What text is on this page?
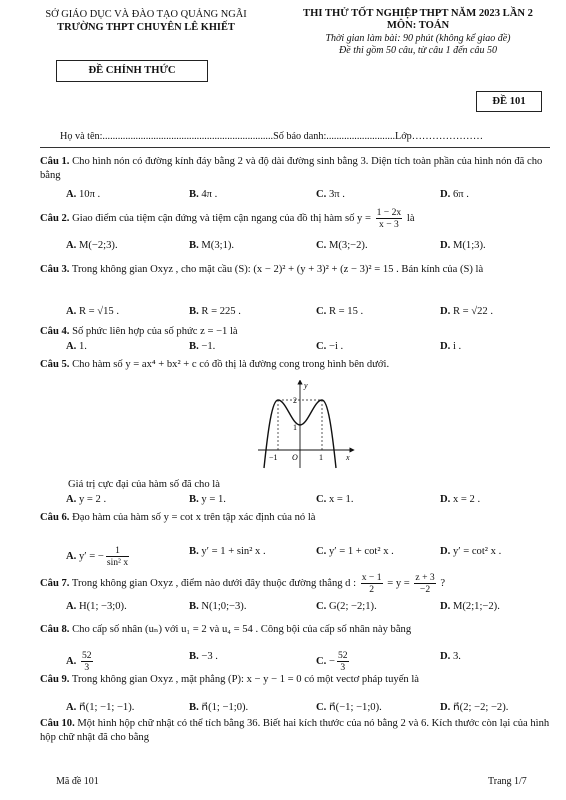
SỞ GIÁO DỤC VÀ ĐÀO TẠO QUẢNG NGÃI
TRƯỜNG THPT CHUYÊN LÊ KHIẾT
ĐỀ CHÍNH THỨC
THI THỬ TỐT NGHIỆP THPT NĂM 2023 LẦN 2
MÔN: TOÁN
Thời gian làm bài: 90 phút (không kể giao đề)
Đề thi gồm 50 câu, từ câu 1 đến câu 50
ĐỀ 101
Họ và tên:...................................................................Số báo danh:...........................Lớp…………………
Câu 1. Cho hình nón có đường kính đáy bằng 2 và độ dài đường sinh bằng 3. Diện tích toàn phần của hình nón đã cho bằng
A. 10π .	B. 4π .	C. 3π .	D. 6π .
Câu 2. Giao điểm của tiệm cận đứng và tiệm cận ngang của đồ thị hàm số $y = \frac{1 - 2x}{x - 3}$ là
A. M(−2;3).	B. M(3;1).	C. M(3;−2).	D. M(1;3).
Câu 3. Trong không gian Oxyz , cho mặt cầu (S): (x − 2)² + (y + 3)² + (z − 3)² = 15 . Bán kính của (S) là
A. R = √15 .	B. R = 225 .	C. R = 15 .	D. R = √22 .
Câu 4. Số phức liên hợp của số phức z = −1 là
A. 1.	B. −1.	C. −i .	D. i .
Câu 5. Cho hàm số y = ax⁴ + bx² + c có đồ thị là đường cong trong hình bên dưới.
y
x
O
−1	1
2
1
Giá trị cực đại của hàm số đã cho là
A. y = 2 .	B. y = 1.	C. x = 1.	D. x = 2 .
Câu 6. Đạo hàm của hàm số y = cot x trên tập xác định của nó là
A. y′ = − $\frac{1}{\text{sin² x}}$	B. y′ = 1 + sin² x .	C. y′ = 1 + cot² x .	D. y′ = cot² x .
Câu 7. Trong không gian Oxyz , điểm nào dưới đây thuộc đường thẳng d : $\frac{x - 1}{2} = y = \frac{z + 3}{-2}$ ?
A. H(1; −3;0).	B. N(1;0;−3).	C. G(2; −2;1).	D. M(2;1;−2).
Câu 8. Cho cấp số nhân (uₙ) với u₁ = 2 và u₄ = 54 . Công bội của cấp số nhân này bằng
A. $\frac{52}{3}$	B. −3 .	C. − $\frac{52}{3}$	D. 3.
Câu 9. Trong không gian Oxyz , mặt phẳng (P): x − y − 1 = 0 có một vectơ pháp tuyến là
A. n⃗(1; −1; −1).	B. n⃗(1; −1;0).	C. n⃗(−1; −1;0).	D. n⃗(2; −2; −2).
Câu 10. Một hình hộp chữ nhật có thể tích bằng 36. Biết hai kích thước của nó bằng 2 và 6. Kích thước còn lại của hình hộp chữ nhật đã cho bằng
Mã đề 101	Trang 1/7
